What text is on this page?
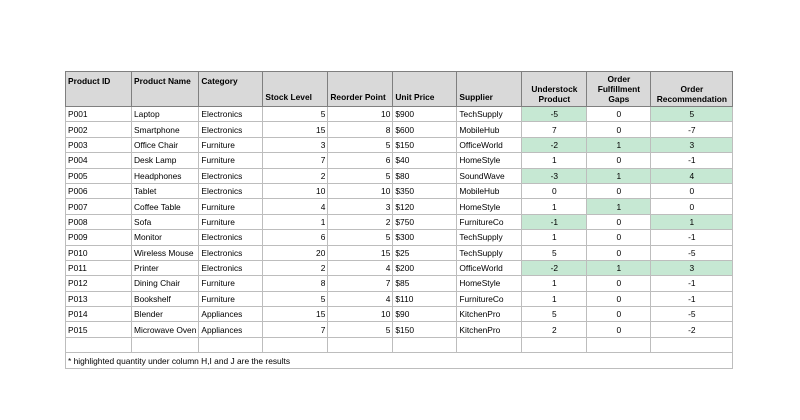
Product ID	Product Name	Category	Stock Level	Reorder Point	Unit Price	Supplier	Understock Product	Order Fulfillment Gaps	Order Recommendation
P001	Laptop	Electronics	5	10	$900	TechSupply	-5	0	5
P002	Smartphone	Electronics	15	8	$600	MobileHub	7	0	-7
P003	Office Chair	Furniture	3	5	$150	OfficeWorld	-2	1	3
P004	Desk Lamp	Furniture	7	6	$40	HomeStyle	1	0	-1
P005	Headphones	Electronics	2	5	$80	SoundWave	-3	1	4
P006	Tablet	Electronics	10	10	$350	MobileHub	0	0	0
P007	Coffee Table	Furniture	4	3	$120	HomeStyle	1	1	0
P008	Sofa	Furniture	1	2	$750	FurnitureCo	-1	0	1
P009	Monitor	Electronics	6	5	$300	TechSupply	1	0	-1
P010	Wireless Mouse	Electronics	20	15	$25	TechSupply	5	0	-5
P011	Printer	Electronics	2	4	$200	OfficeWorld	-2	1	3
P012	Dining Chair	Furniture	8	7	$85	HomeStyle	1	0	-1
P013	Bookshelf	Furniture	5	4	$110	FurnitureCo	1	0	-1
P014	Blender	Appliances	15	10	$90	KitchenPro	5	0	-5
P015	Microwave Oven	Appliances	7	5	$150	KitchenPro	2	0	-2

* highlighted quantity under column H,I and J are the results									
